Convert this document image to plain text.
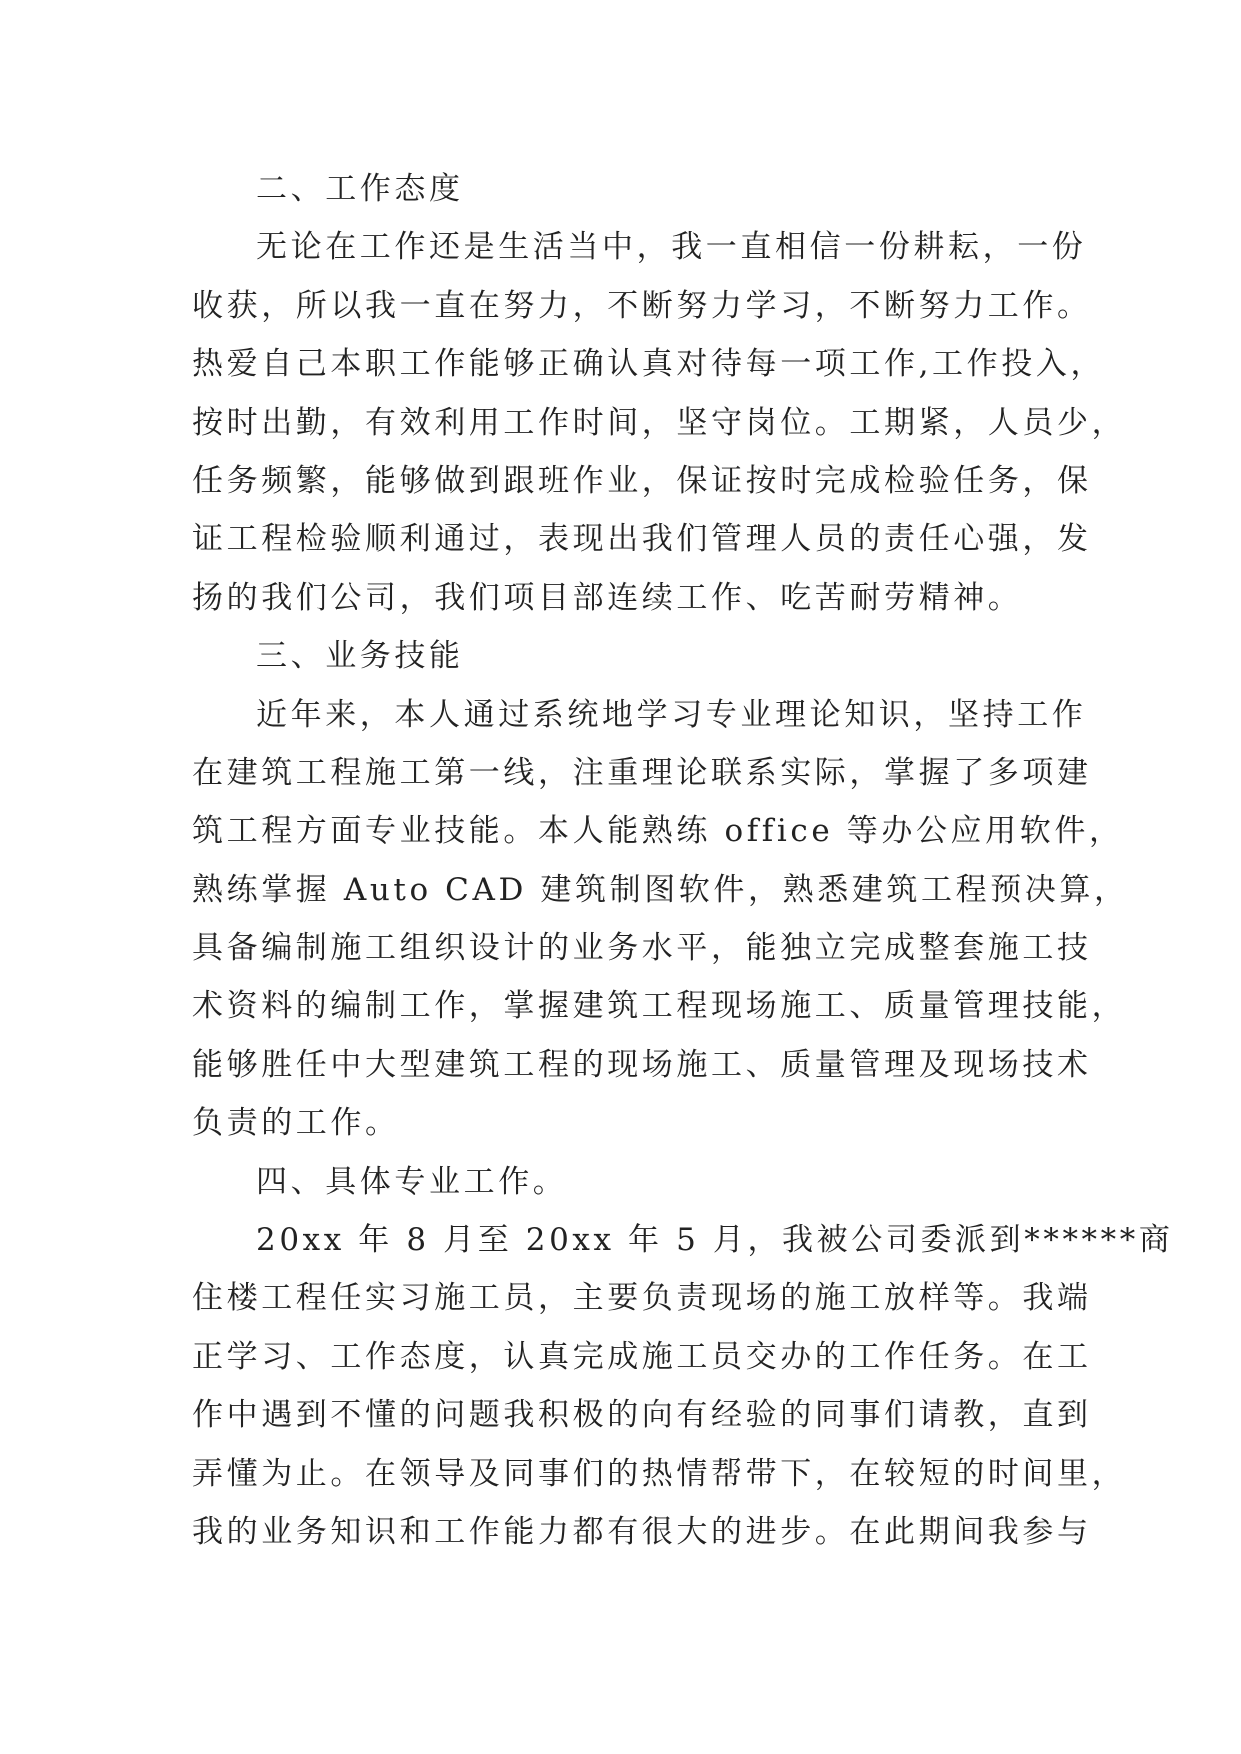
二、工作态度
无论在工作还是生活当中，我一直相信一份耕耘，一份
收获，所以我一直在努力，不断努力学习，不断努力工作。
热爱自己本职工作能够正确认真对待每一项工作,工作投入，
按时出勤，有效利用工作时间，坚守岗位。工期紧，人员少，
任务频繁，能够做到跟班作业，保证按时完成检验任务，保
证工程检验顺利通过，表现出我们管理人员的责任心强，发
扬的我们公司，我们项目部连续工作、吃苦耐劳精神。
三、业务技能
近年来，本人通过系统地学习专业理论知识，坚持工作
在建筑工程施工第一线，注重理论联系实际，掌握了多项建
筑工程方面专业技能。本人能熟练 office 等办公应用软件，
熟练掌握 Auto CAD 建筑制图软件，熟悉建筑工程预决算，
具备编制施工组织设计的业务水平，能独立完成整套施工技
术资料的编制工作，掌握建筑工程现场施工、质量管理技能，
能够胜任中大型建筑工程的现场施工、质量管理及现场技术
负责的工作。
四、具体专业工作。
20xx 年 8 月至 20xx 年 5 月，我被公司委派到******商
住楼工程任实习施工员，主要负责现场的施工放样等。我端
正学习、工作态度，认真完成施工员交办的工作任务。在工
作中遇到不懂的问题我积极的向有经验的同事们请教，直到
弄懂为止。在领导及同事们的热情帮带下，在较短的时间里，
我的业务知识和工作能力都有很大的进步。在此期间我参与
